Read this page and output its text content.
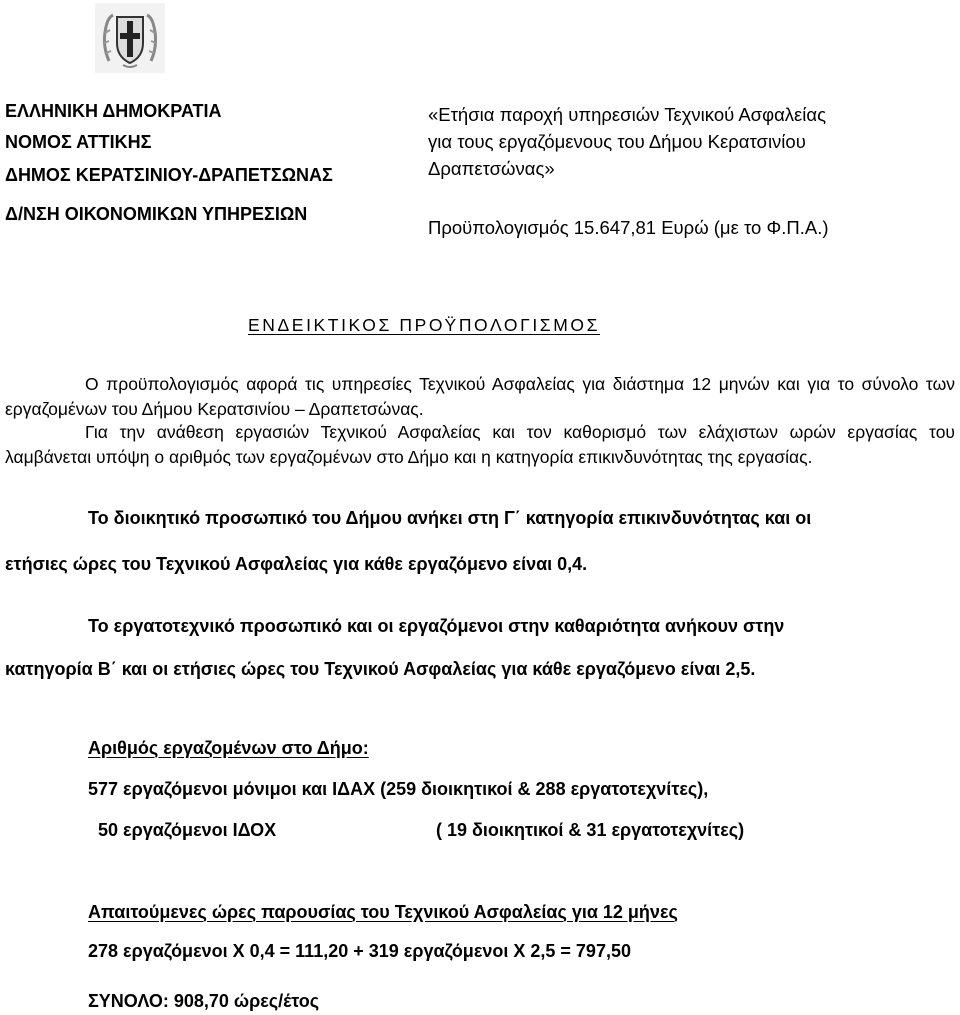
ΕΛΛΗΝΙΚΗ ΔΗΜΟΚΡΑΤΙΑ
ΝΟΜΟΣ ΑΤΤΙΚΗΣ
ΔΗΜΟΣ ΚΕΡΑΤΣΙΝΙΟΥ-ΔΡΑΠΕΤΣΩΝΑΣ
Δ/ΝΣΗ ΟΙΚΟΝΟΜΙΚΩΝ ΥΠΗΡΕΣΙΩΝ
«Ετήσια παροχή υπηρεσιών Τεχνικού Ασφαλείας
για τους εργαζόμενους του Δήμου Κερατσινίου
Δραπετσώνας»
Προϋπολογισμός 15.647,81 Ευρώ (με το Φ.Π.Α.)
ΕΝΔΕΙΚΤΙΚΟΣ ΠΡΟΫΠΟΛΟΓΙΣΜΟΣ
Ο προϋπολογισμός αφορά τις υπηρεσίες Τεχνικού Ασφαλείας για διάστημα 12 μηνών και για το σύνολο των εργαζομένων του Δήμου Κερατσινίου – Δραπετσώνας.
Για την ανάθεση εργασιών Τεχνικού Ασφαλείας και τον καθορισμό των ελάχιστων ωρών εργασίας του λαμβάνεται υπόψη ο αριθμός των εργαζομένων στο Δήμο και η κατηγορία επικινδυνότητας της εργασίας.
Το διοικητικό προσωπικό του Δήμου ανήκει στη Γ΄ κατηγορία επικινδυνότητας και οι
ετήσιες ώρες του Τεχνικού Ασφαλείας για κάθε εργαζόμενο είναι 0,4.
Το εργατοτεχνικό προσωπικό και οι εργαζόμενοι στην καθαριότητα ανήκουν στην
κατηγορία Β΄ και οι ετήσιες ώρες του Τεχνικού Ασφαλείας για κάθε εργαζόμενο είναι 2,5.
Αριθμός εργαζομένων στο Δήμο:
577 εργαζόμενοι μόνιμοι και ΙΔΑΧ (259 διοικητικοί & 288 εργατοτεχνίτες),
50 εργαζόμενοι ΙΔΟΧ	( 19 διοικητικοί & 31 εργατοτεχνίτες)
Απαιτούμενες ώρες παρουσίας του Τεχνικού Ασφαλείας για 12 μήνες
278 εργαζόμενοι Χ 0,4 = 111,20 + 319 εργαζόμενοι Χ 2,5 = 797,50
ΣΥΝΟΛΟ: 908,70 ώρες/έτος
